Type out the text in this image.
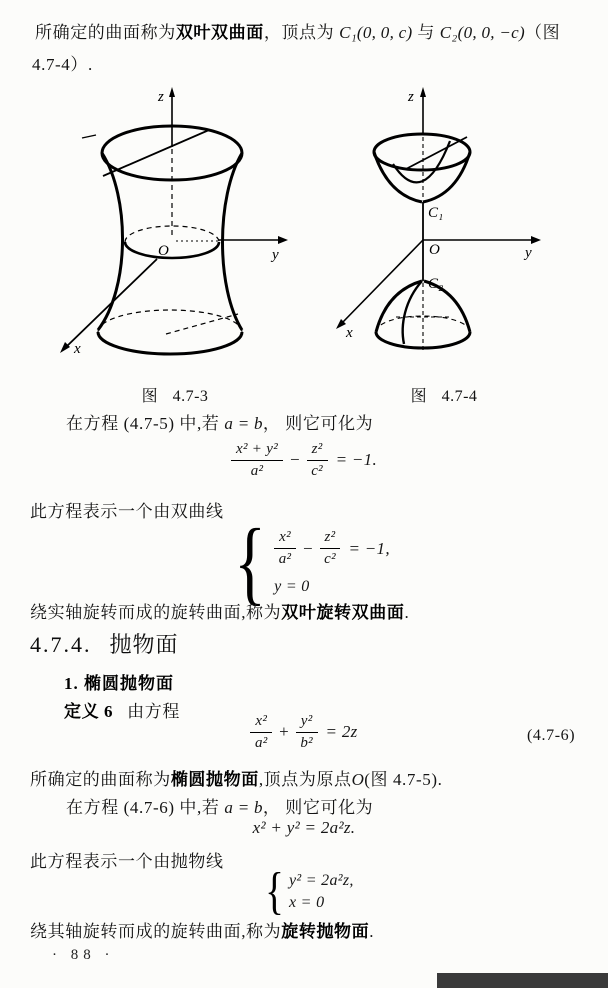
所确定的曲面称为双叶双曲面，顶点为 C₁(0, 0, c) 与 C₂(0, 0, −c)（图
4.7-4）.
z
y
x
O
z
C₁
O
C₂
y
x
图 4.7-3	图 4.7-4
在方程 (4.7-5) 中,若 a = b， 则它可化为
$\frac{\text{x² + y²}}{\text{a²}} - \frac{\text{z²}}{\text{c²}} = -1$.
此方程表示一个由双曲线 { $\frac{\text{x²}}{\text{a²}} - \frac{\text{z²}}{\text{c²}} = -1$,
y = 0
绕实轴旋转而成的旋转曲面,称为双叶旋转双曲面.
4.7.4. 抛物面
1. 椭圆抛物面
定义 6 由方程
$\frac{\text{x²}}{\text{a²}} + \frac{\text{y²}}{\text{b²}} = 2z$	(4.7-6)
所确定的曲面称为椭圆抛物面,顶点为原点O(图 4.7-5).
在方程 (4.7-6) 中,若 a = b， 则它可化为
x² + y² = 2a²z.
此方程表示一个由抛物线
{ y² = 2a²z,
x = 0
绕其轴旋转而成的旋转曲面,称为旋转抛物面.
· 88 ·
